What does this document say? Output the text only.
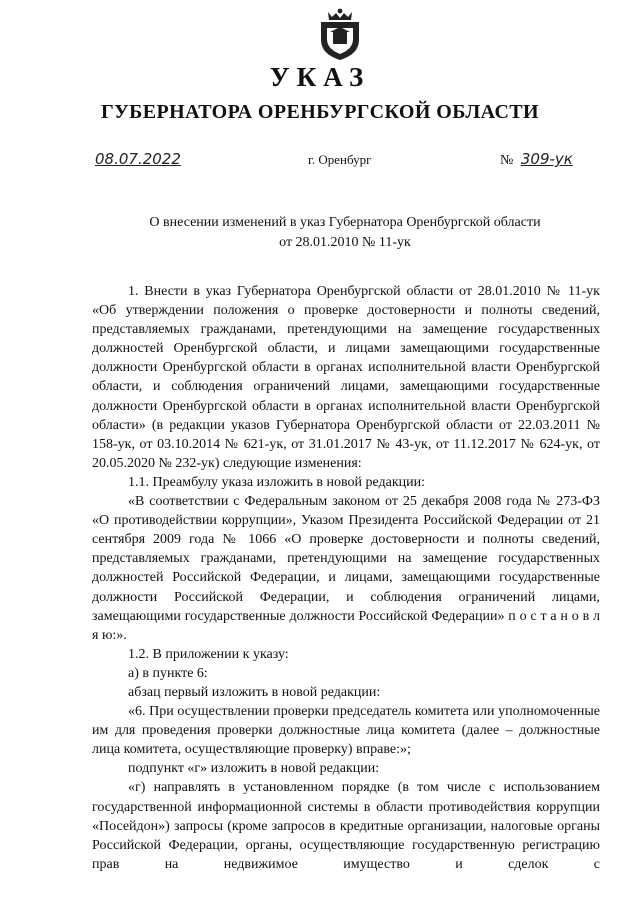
УКАЗ
ГУБЕРНАТОРА ОРЕНБУРГСКОЙ ОБЛАСТИ
08.07.2022	г. Оренбург	№ 309-ук
О внесении изменений в указ Губернатора Оренбургской области
от 28.01.2010 № 11-ук

1. Внести в указ Губернатора Оренбургской области от 28.01.2010 № 11-ук «Об утверждении положения о проверке достоверности и полноты сведений, представляемых гражданами, претендующими на замещение государственных должностей Оренбургской области, и лицами замещающими государственные должности Оренбургской области в органах исполнительной власти Оренбургской области, и соблюдения ограничений лицами, замещающими государственные должности Оренбургской области в органах исполнительной власти Оренбургской области» (в редакции указов Губернатора Оренбургской области от 22.03.2011 № 158-ук, от 03.10.2014 № 621-ук, от 31.01.2017 № 43-ук, от 11.12.2017 № 624-ук, от 20.05.2020 № 232-ук) следующие изменения:

1.1. Преамбулу указа изложить в новой редакции:

«В соответствии с Федеральным законом от 25 декабря 2008 года № 273-ФЗ «О противодействии коррупции», Указом Президента Российской Федерации от 21 сентября 2009 года № 1066 «О проверке достоверности и полноты сведений, представляемых гражданами, претендующими на замещение государственных должностей Российской Федерации, и лицами, замещающими государственные должности Российской Федерации, и соблюдения ограничений лицами, замещающими государственные должности Российской Федерации» п о с т а н о в л я ю:».

1.2. В приложении к указу:

а) в пункте 6:

абзац первый изложить в новой редакции:

«6. При осуществлении проверки председатель комитета или уполномоченные им для проведения проверки должностные лица комитета (далее – должностные лица комитета, осуществляющие проверку) вправе:»;

подпункт «г» изложить в новой редакции:

«г) направлять в установленном порядке (в том числе с использованием государственной информационной системы в области противодействия коррупции «Посейдон») запросы (кроме запросов в кредитные организации, налоговые органы Российской Федерации, органы, осуществляющие государственную регистрацию прав на недвижимое имущество и сделок с
